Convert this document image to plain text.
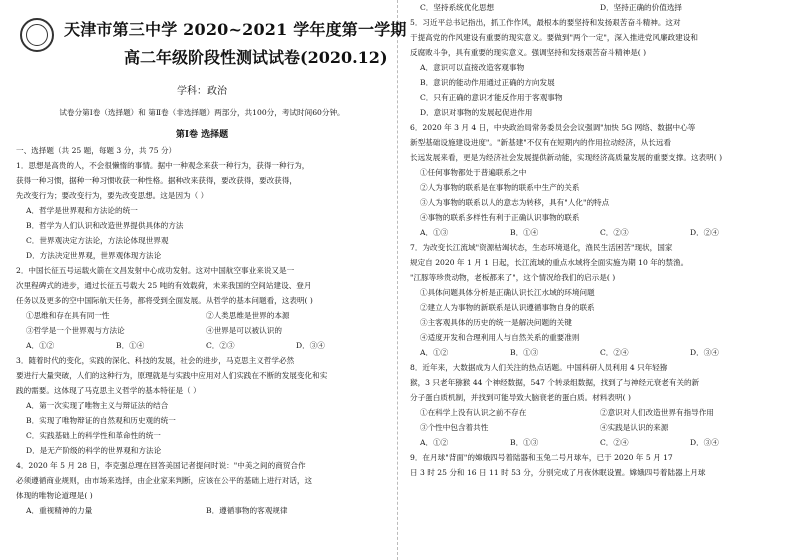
天津市第三中学 2020~2021 学年度第一学期
高二年级阶段性测试试卷(2020.12)
学科：政治
试卷分第Ⅰ卷（选择题）和 第Ⅱ卷（非选择题）两部分，共100分，考试时间60分钟。
第Ⅰ卷 选择题
一、选择题（共 25 题，每题 3 分，共 75 分）
1．思想是高贵的人，不会很懒惰的事情。据中一种观念来获一种行为，获得一种行为，
获得一种习惯，据种一种习惯收获一种性格。据种改来获得，要改获得，要改获得，
先改变行为；要改变行为，要先改变思想。这是因为（ ）
A．哲学是世界观和方法论的统一
B．哲学为人们认识和改造世界提供具体的方法
C．世界观决定方法论，方法论体现世界观
D．方法决定世界观，世界观体现方法论
2．中国长征五号运载火箭在文昌发射中心成功发射。这对中国航空事业来说又是一
次里程碑式的进步，通过长征五号载大 25 吨的有效载荷，未来我国的空间站建设、登月
任务以及更多的空中国际航天任务，都将受到全面发展。从哲学的基本问题看，这表明( )
①思维和存在具有同一性	②人类思维是世界的本源
③哲学是一个世界观与方法论	④世界是可以被认识的
A．①②	B．①④	C．②③	D．③④
3．随着时代的变化，实践的深化、科技的发展，社会的进步，马克思主义哲学必然
要进行大量突破，人们的这种行为，原理就是与实践中应用对人们实践在不断的发展变化和实
践的需要。这体现了马克思主义哲学的基本特征是（ ）
A．第一次实现了唯物主义与辩证法的结合
B．实现了唯物辩证的自然观和历史观的统一
C．实践基础上的科学性和革命性的统一
D．是无产阶级的科学的世界观和方法论
4．2020 年 5 月 28 日，李克强总理在回答美国记者提问时说："中美之间的商贸合作
必须遵循商业规则，由市场来选择，由企业家来判断，应该在公平的基础上进行对话，这
体现的唯物论道理是( )
A．重视精神的力量	B．遵循事物的客观规律
C．坚持系统优化思想	D．坚持正确的价值选择
5．习近平总书记指出，抓工作作风，最根本的要坚持和发扬艰苦奋斗精神。这对
于提高党的作风建设有重要的现实意义。要做到"两个一定"，深入推进党风廉政建设和
反腐败斗争，具有重要的现实意义。强调坚持和发扬艰苦奋斗精神是( )
A．意识可以直接改造客观事物
B．意识的能动作用通过正确的方向发展
C．只有正确的意识才能反作用于客观事物
D．意识对事物的发展起促进作用
6．2020 年 3 月 4 日，中央政治局常务委员会会议强调"加快 5G 网络、数据中心等
新型基础设施建设进度"。"新基建"不仅有在短期内的作用拉动经济，从长远看
长远发展来看，更是为经济社会发展提供新动能，实现经济高质量发展的重要支撑。这表明( )
①任何事物都处于普遍联系之中
②人为事物的联系是在事物的联系中生产的关系
③人为事物的联系以人的意志为转移，具有"人化"的特点
④事物的联系多样性有利于正确认识事物的联系
A．①③	B．①④	C．②③	D．②④
7．为改变长江流域"资源枯竭状态，生态环境退化，渔民生活困苦"现状，国家
规定自 2020 年 1 月 1 日起，长江流域的重点水域将全面实施为期 10 年的禁渔。
"江豚等珍贵动物，老板都来了"，这个情况给我们的启示是( )
①具体问题具体分析是正确认识长江水域的环境问题
②建立人为事物的新联系是认识遵循事物自身的联系
③主客观具体的历史的统一是解决问题的关键
④适度开发和合理利用人与自然关系的重要准则
A．①②	B．①③	C．②④	D．③④
8．近年来，大数据成为人们关注的热点话题。中国科研人员利用 4 只年轻猕
猴，3 只老年猕猴 44 个神经数据，547 个转录组数据，找到了与神经元衰老有关的新
分子蛋白质机制，并找到可能导致大脑衰老的蛋白质。材料表明( )
①在科学上没有认识之前不存在	②意识对人们改造世界有指导作用
③个性中包含着共性	④实践是认识的来源
A．①②	B．①③	C．②④	D．③④
9．在月球"背面"的嫦娥四号着陆器和玉兔二号月球车，已于 2020 年 5 月 17
日 3 时 25 分和 16 日 11 时 53 分，分别完成了月夜休眠设置。嫦娥四号着陆器上月球
